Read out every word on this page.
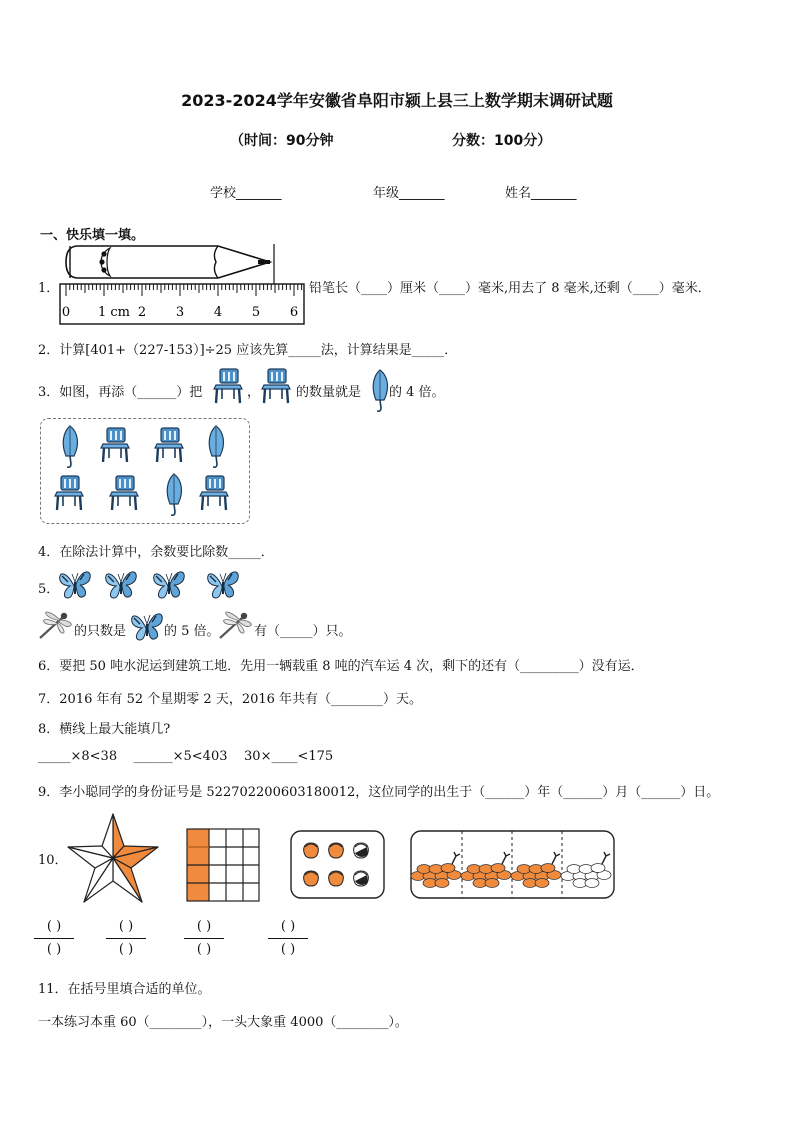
2023-2024学年安徽省阜阳市颍上县三上数学期末调研试题
（时间：90分钟	分数：100分）
学校_______	年级_______	姓名_______
一、快乐填一填。
1．
0 1 cm 2 3 4 5 6
铅笔长（____）厘米（____）毫米,用去了 8 毫米,还剩（____）毫米．
2．计算[401+（227-153）]÷25 应该先算_____法，计算结果是_____．
3．如图，再添（______）把	，	的数量就是 的 4 倍。
4．在除法计算中，余数要比除数_____．
5．
的只数是	的 5 倍。	有（_____）只。
6．要把 50 吨水泥运到建筑工地．先用一辆载重 8 吨的汽车运 4 次，剩下的还有（_________）没有运．
7．2016 年有 52 个星期零 2 天，2016 年共有（________）天。
8．横线上最大能填几?
_____×8<38    ______×5<403    30×____<175
9．李小聪同学的身份证号是 522702200603180012，这位同学的出生于（______）年（______）月（______）日。
10．
( )
( )
( )
( )
( )
( )
( )
( )
11．在括号里填合适的单位。
一本练习本重 60（________），一头大象重 4000（________）。
